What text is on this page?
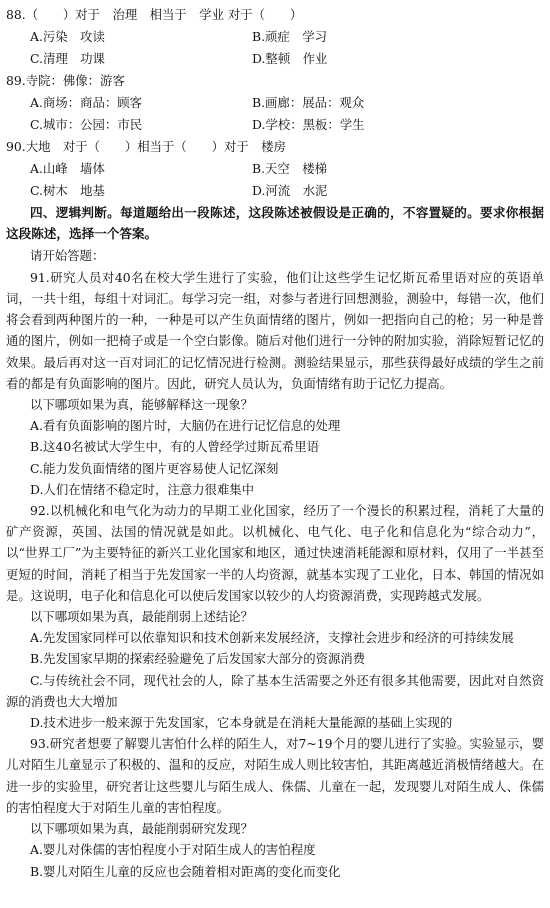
88.（　　）对于　治理　相当于　学业 对于（　　）
A.污染　攻读	B.顽症　学习
C.清理　功课	D.整顿　作业
89.寺院：佛像：游客
A.商场：商品：顾客	B.画廊：展品：观众
C.城市：公园：市民	D.学校：黑板：学生
90.大地　对于（　　）相当于（　　）对于　楼房
A.山峰　墙体	B.天空　楼梯
C.树木　地基	D.河流　水泥

四、逻辑判断。每道题给出一段陈述，这段陈述被假设是正确的，不容置疑的。要求你根据这段陈述，选择一个答案。

请开始答题：

91.研究人员对40名在校大学生进行了实验，他们让这些学生记忆斯瓦希里语对应的英语单词，一共十组，每组十对词汇。每学习完一组，对参与者进行回想测验，测验中，每错一次，他们将会看到两种图片的一种，一种是可以产生负面情绪的图片，例如一把指向自己的枪；另一种是普通的图片，例如一把椅子或是一个空白影像。随后对他们进行一分钟的附加实验，消除短暂记忆的效果。最后再对这一百对词汇的记忆情况进行检测。测验结果显示，那些获得最好成绩的学生之前看的都是有负面影响的图片。因此，研究人员认为，负面情绪有助于记忆力提高。

以下哪项如果为真，能够解释这一现象？

A.看有负面影响的图片时，大脑仍在进行记忆信息的处理

B.这40名被试大学生中，有的人曾经学过斯瓦希里语

C.能力发负面情绪的图片更容易使人记忆深刻

D.人们在情绪不稳定时，注意力很难集中

92.以机械化和电气化为动力的早期工业化国家，经历了一个漫长的积累过程，消耗了大量的矿产资源，英国、法国的情况就是如此。以机械化、电气化、电子化和信息化为“综合动力”，以“世界工厂”为主要特征的新兴工业化国家和地区，通过快速消耗能源和原材料，仅用了一半甚至更短的时间，消耗了相当于先发国家一半的人均资源，就基本实现了工业化，日本、韩国的情况如是。这说明，电子化和信息化可以使后发国家以较少的人均资源消费，实现跨越式发展。

以下哪项如果为真，最能削弱上述结论？

A.先发国家同样可以依靠知识和技术创新来发展经济，支撑社会进步和经济的可持续发展

B.先发国家早期的探索经验避免了后发国家大部分的资源消费

C.与传统社会不同，现代社会的人，除了基本生活需要之外还有很多其他需要，因此对自然资源的消费也大大增加

D.技术进步一般来源于先发国家，它本身就是在消耗大量能源的基础上实现的

93.研究者想要了解婴儿害怕什么样的陌生人，对7~19个月的婴儿进行了实验。实验显示，婴儿对陌生儿童显示了积极的、温和的反应，对陌生成人则比较害怕，其距离越近消极情绪越大。在进一步的实验里，研究者让这些婴儿与陌生成人、侏儒、儿童在一起，发现婴儿对陌生成人、侏儒的害怕程度大于对陌生儿童的害怕程度。

以下哪项如果为真，最能削弱研究发现？

A.婴儿对侏儒的害怕程度小于对陌生成人的害怕程度

B.婴儿对陌生儿童的反应也会随着相对距离的变化而变化
